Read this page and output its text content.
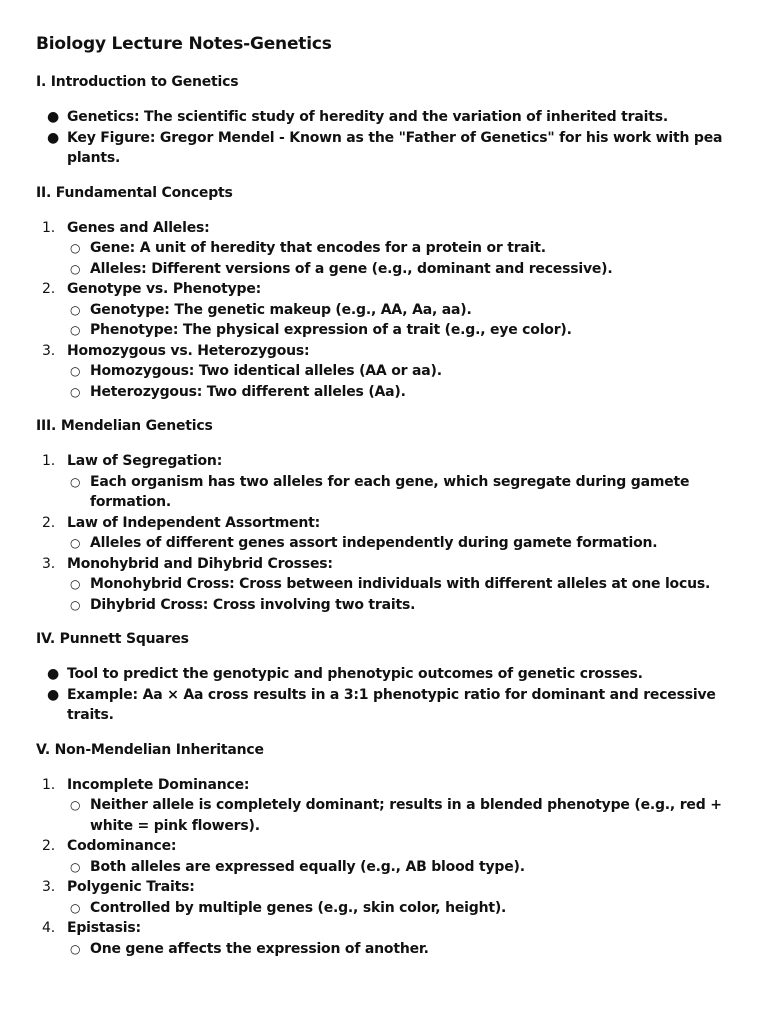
Biology Lecture Notes-Genetics
I. Introduction to Genetics
● Genetics: The scientific study of heredity and the variation of inherited traits.
● Key Figure: Gregor Mendel - Known as the "Father of Genetics" for his work with pea plants.
II. Fundamental Concepts
1. Genes and Alleles:
○ Gene: A unit of heredity that encodes for a protein or trait.
○ Alleles: Different versions of a gene (e.g., dominant and recessive).
2. Genotype vs. Phenotype:
○ Genotype: The genetic makeup (e.g., AA, Aa, aa).
○ Phenotype: The physical expression of a trait (e.g., eye color).
3. Homozygous vs. Heterozygous:
○ Homozygous: Two identical alleles (AA or aa).
○ Heterozygous: Two different alleles (Aa).
III. Mendelian Genetics
1. Law of Segregation:
○ Each organism has two alleles for each gene, which segregate during gamete formation.
2. Law of Independent Assortment:
○ Alleles of different genes assort independently during gamete formation.
3. Monohybrid and Dihybrid Crosses:
○ Monohybrid Cross: Cross between individuals with different alleles at one locus.
○ Dihybrid Cross: Cross involving two traits.
IV. Punnett Squares
● Tool to predict the genotypic and phenotypic outcomes of genetic crosses.
● Example: Aa × Aa cross results in a 3:1 phenotypic ratio for dominant and recessive traits.
V. Non-Mendelian Inheritance
1. Incomplete Dominance:
○ Neither allele is completely dominant; results in a blended phenotype (e.g., red + white = pink flowers).
2. Codominance:
○ Both alleles are expressed equally (e.g., AB blood type).
3. Polygenic Traits:
○ Controlled by multiple genes (e.g., skin color, height).
4. Epistasis:
○ One gene affects the expression of another.
